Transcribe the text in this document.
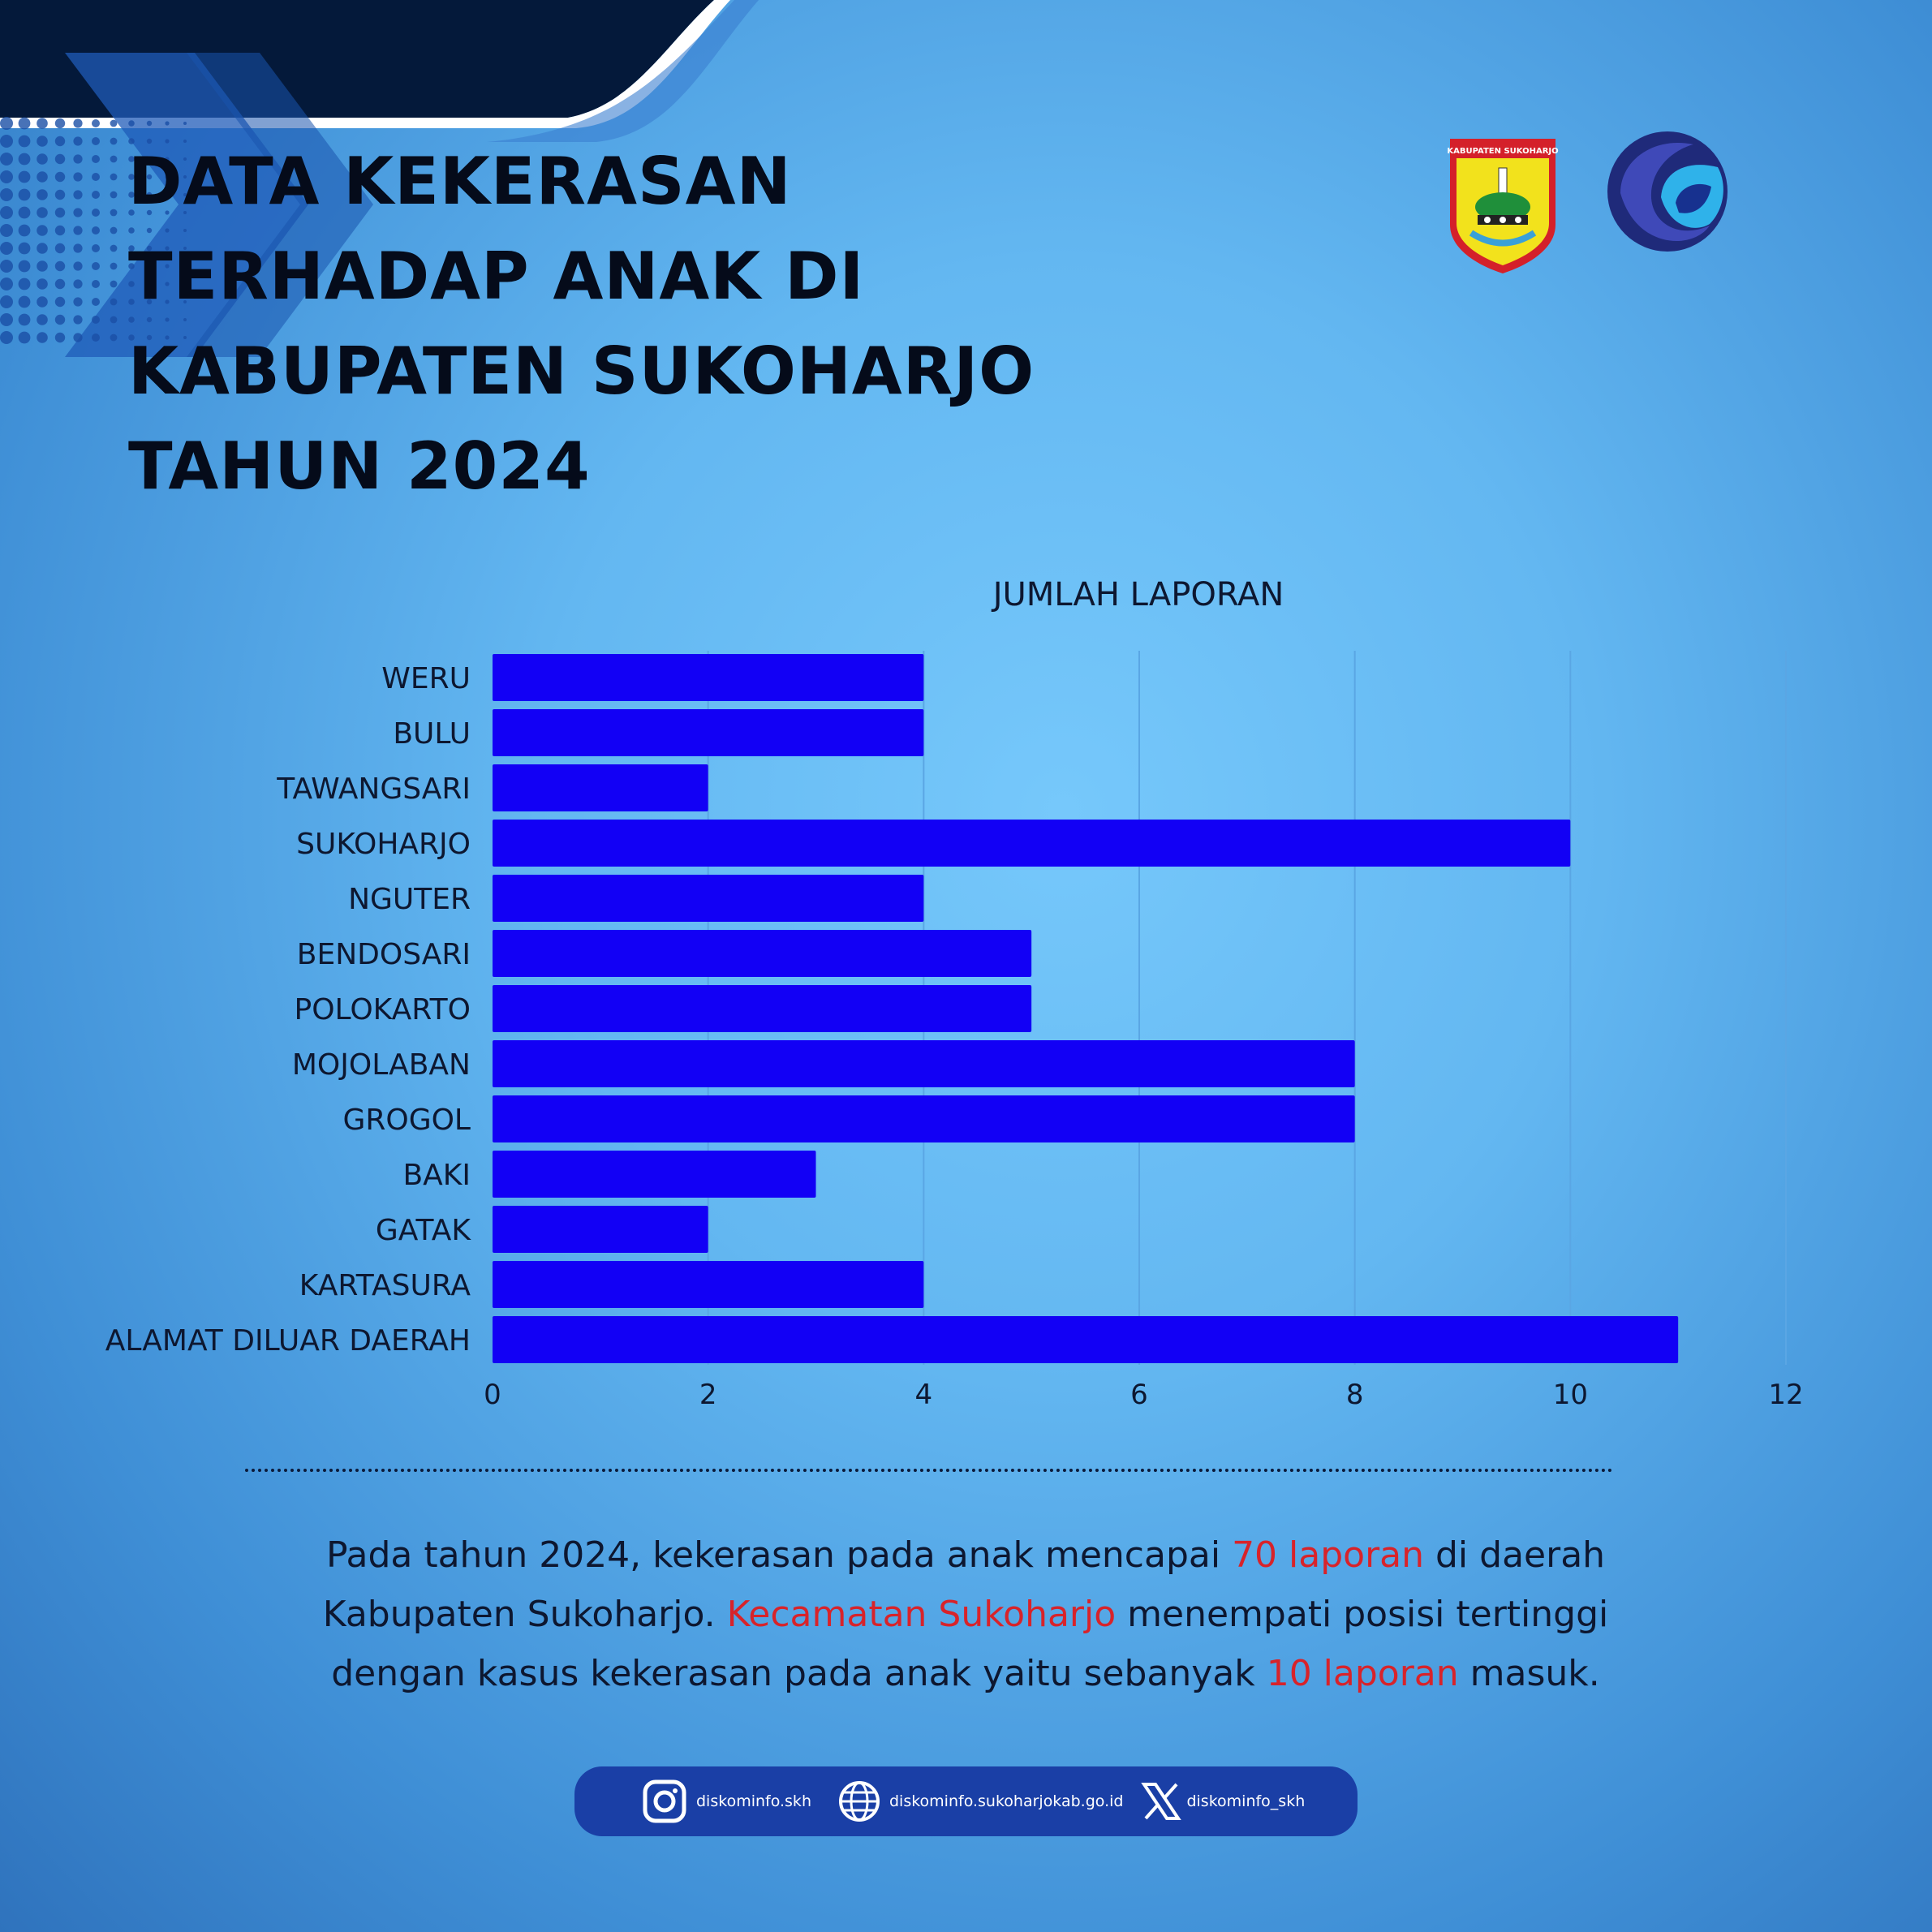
DATA KEKERASAN
TERHADAP ANAK DI
KABUPATEN SUKOHARJO
TAHUN 2024
KABUPATEN SUKOHARJO
JUMLAH LAPORAN
WERU
BULU
TAWANGSARI
SUKOHARJO
NGUTER
BENDOSARI
POLOKARTO
MOJOLABAN
GROGOL
BAKI
GATAK
KARTASURA
ALAMAT DILUAR DAERAH
0	2	4	6	8	10	12
Pada tahun 2024, kekerasan pada anak mencapai 70 laporan di daerah
Kabupaten Sukoharjo. Kecamatan Sukoharjo menempati posisi tertinggi
dengan kasus kekerasan pada anak yaitu sebanyak 10 laporan masuk.
diskominfo.skh	diskominfo.sukoharjokab.go.id	diskominfo_skh
